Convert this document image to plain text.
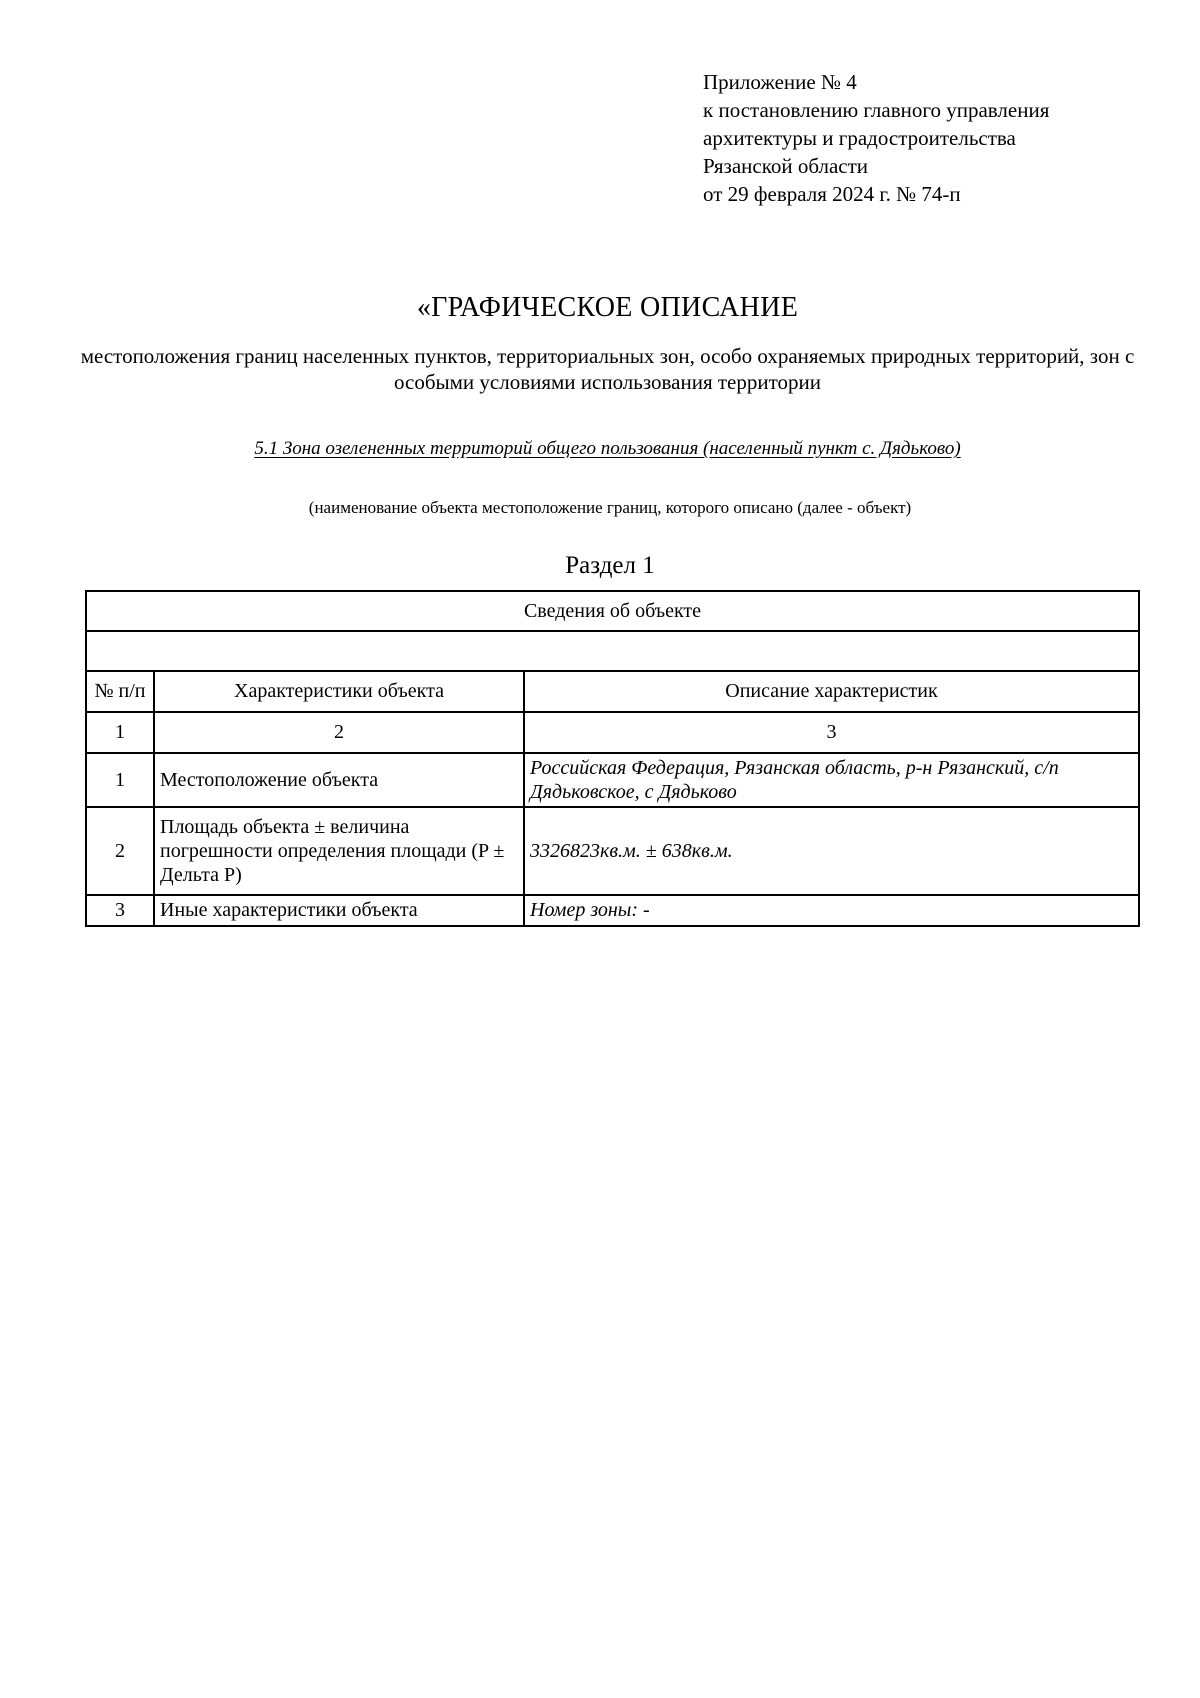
Приложение № 4
к постановлению главного управления
архитектуры и градостроительства
Рязанской области
от 29 февраля 2024 г. № 74-п
«ГРАФИЧЕСКОЕ ОПИСАНИЕ
местоположения границ населенных пунктов, территориальных зон, особо охраняемых природных территорий, зон с особыми условиями использования территории
5.1 Зона озелененных территорий общего пользования (населенный пункт с. Дядьково)
(наименование объекта местоположение границ, которого описано (далее - объект)
Раздел 1
Сведения об объекте		

№ п/п	Характеристики объекта	Описание характеристик
1	2	3
1	Местоположение объекта	Российская Федерация, Рязанская область, р-н Рязанский, с/п Дядьковское, с Дядьково
2	Площадь объекта ± величина погрешности определения площади (P ± Дельта P)	3326823кв.м. ± 638кв.м.
3	Иные характеристики объекта	Номер зоны: -
